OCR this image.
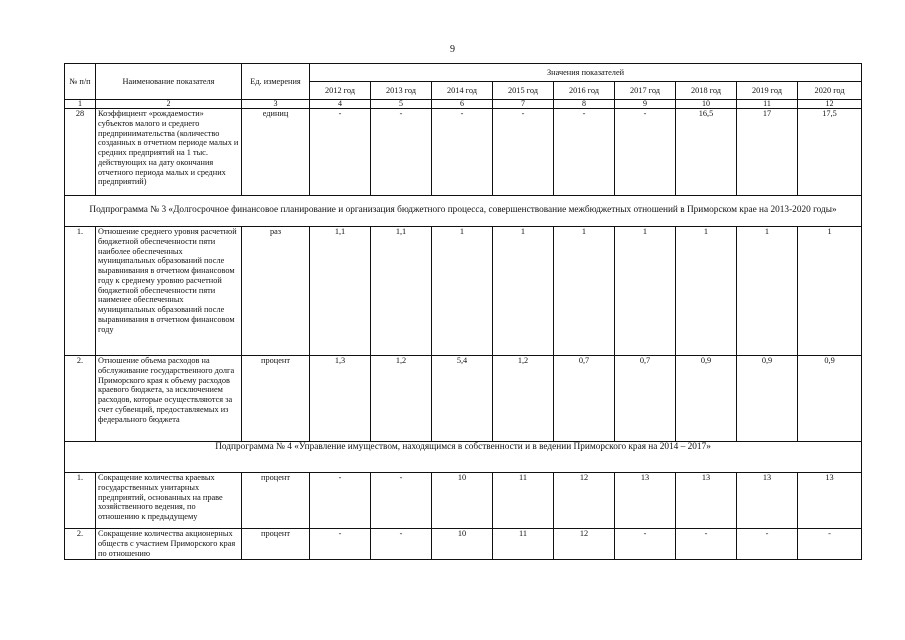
9
№ п/п	Наименование показателя	Ед. измерения	Значения показателей								
			2012 год	2013 год	2014 год	2015 год	2016 год	2017 год	2018 год	2019 год	2020 год
1	2	3	4	5	6	7	8	9	10	11	12
28	Коэффициент «рождаемости» субъектов малого и среднего предпринимательства (количество созданных в отчетном периоде малых и средних предприятий на 1 тыс. действующих на дату окончания отчетного периода малых и средних предприятий)	единиц	-	-	-	-	-	-	16,5	17	17,5
Подпрограмма № 3 «Долгосрочное финансовое планирование и организация бюджетного процесса, совершенствование межбюджетных отношений в Приморском крае на 2013-2020 годы»											
1.	Отношение среднего уровня расчетной бюджетной обеспеченности пяти наиболее обеспеченных муниципальных образований после выравнивания в отчетном финансовом году к среднему уровню расчетной бюджетной обеспеченности пяти наименее обеспеченных муниципальных образований после выравнивания в отчетном финансовом году	раз	1,1	1,1	1	1	1	1	1	1	1
2.	Отношение объема расходов на обслуживание государственного долга Приморского края к объему расходов краевого бюджета, за исключением расходов, которые осуществляются за счет субвенций, предоставляемых из федерального бюджета	процент	1,3	1,2	5,4	1,2	0,7	0,7	0,9	0,9	0,9
Подпрограмма № 4 «Управление имуществом, находящимся в собственности и в ведении Приморского края на 2014 – 2017»											
1.	Сокращение количества краевых государственных унитарных предприятий, основанных на праве хозяйственного ведения, по отношению к предыдущему	процент	-	-	10	11	12	13	13	13	13
2.	Сокращение количества акционерных обществ с участием Приморского края по отношению	процент	-	-	10	11	12	-	-	-	-
